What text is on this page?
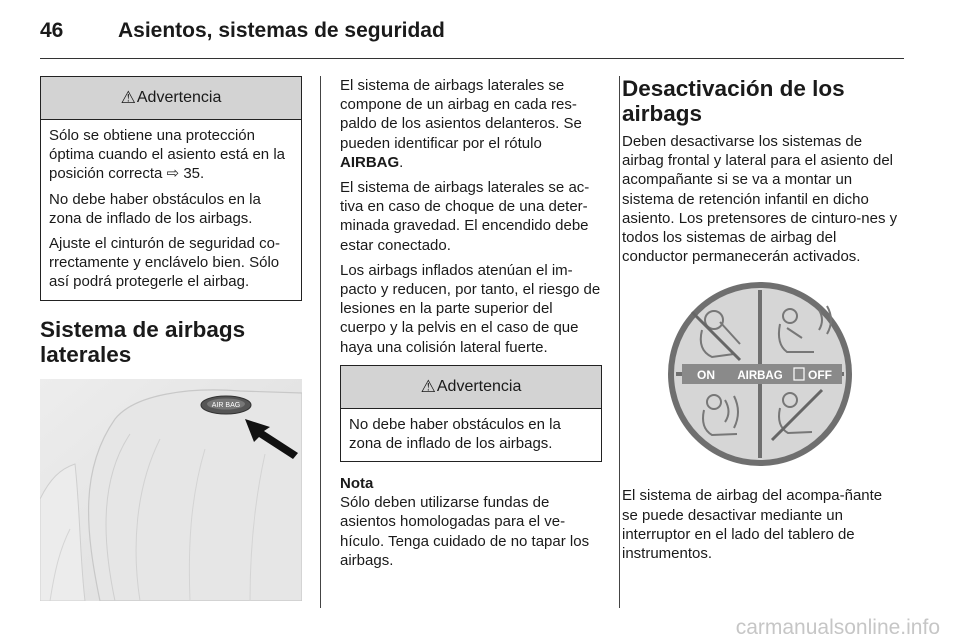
46	Asientos, sistemas de seguridad
⚠ Advertencia

Sólo se obtiene una protección óptima cuando el asiento está en la posición correcta ⇨ 35.

No debe haber obstáculos en la zona de inflado de los airbags.

Ajuste el cinturón de seguridad co-rrectamente y enclávelo bien. Sólo así podrá protegerle el airbag.

Sistema de airbags laterales
AIR BAG

El sistema de airbags laterales se compone de un airbag en cada res-paldo de los asientos delanteros. Se pueden identificar por el rótulo AIRBAG.

El sistema de airbags laterales se ac-tiva en caso de choque de una deter-minada gravedad. El encendido debe estar conectado.

Los airbags inflados atenúan el im-pacto y reducen, por tanto, el riesgo de lesiones en la parte superior del cuerpo y la pelvis en el caso de que haya una colisión lateral fuerte.

⚠ Advertencia

No debe haber obstáculos en la zona de inflado de los airbags.

Nota

Sólo deben utilizarse fundas de asientos homologadas para el ve-hículo. Tenga cuidado de no tapar los airbags.

Desactivación de los airbags

Deben desactivarse los sistemas de airbag frontal y lateral para el asiento del acompañante si se va a montar un sistema de retención infantil en dicho asiento. Los pretensores de cinturo-nes y todos los sistemas de airbag del conductor permanecerán activados.

ON AIRBAG OFF

El sistema de airbag del acompa-ñante se puede desactivar mediante un interruptor en el lado del tablero de instrumentos.

carmanualsonline.info
